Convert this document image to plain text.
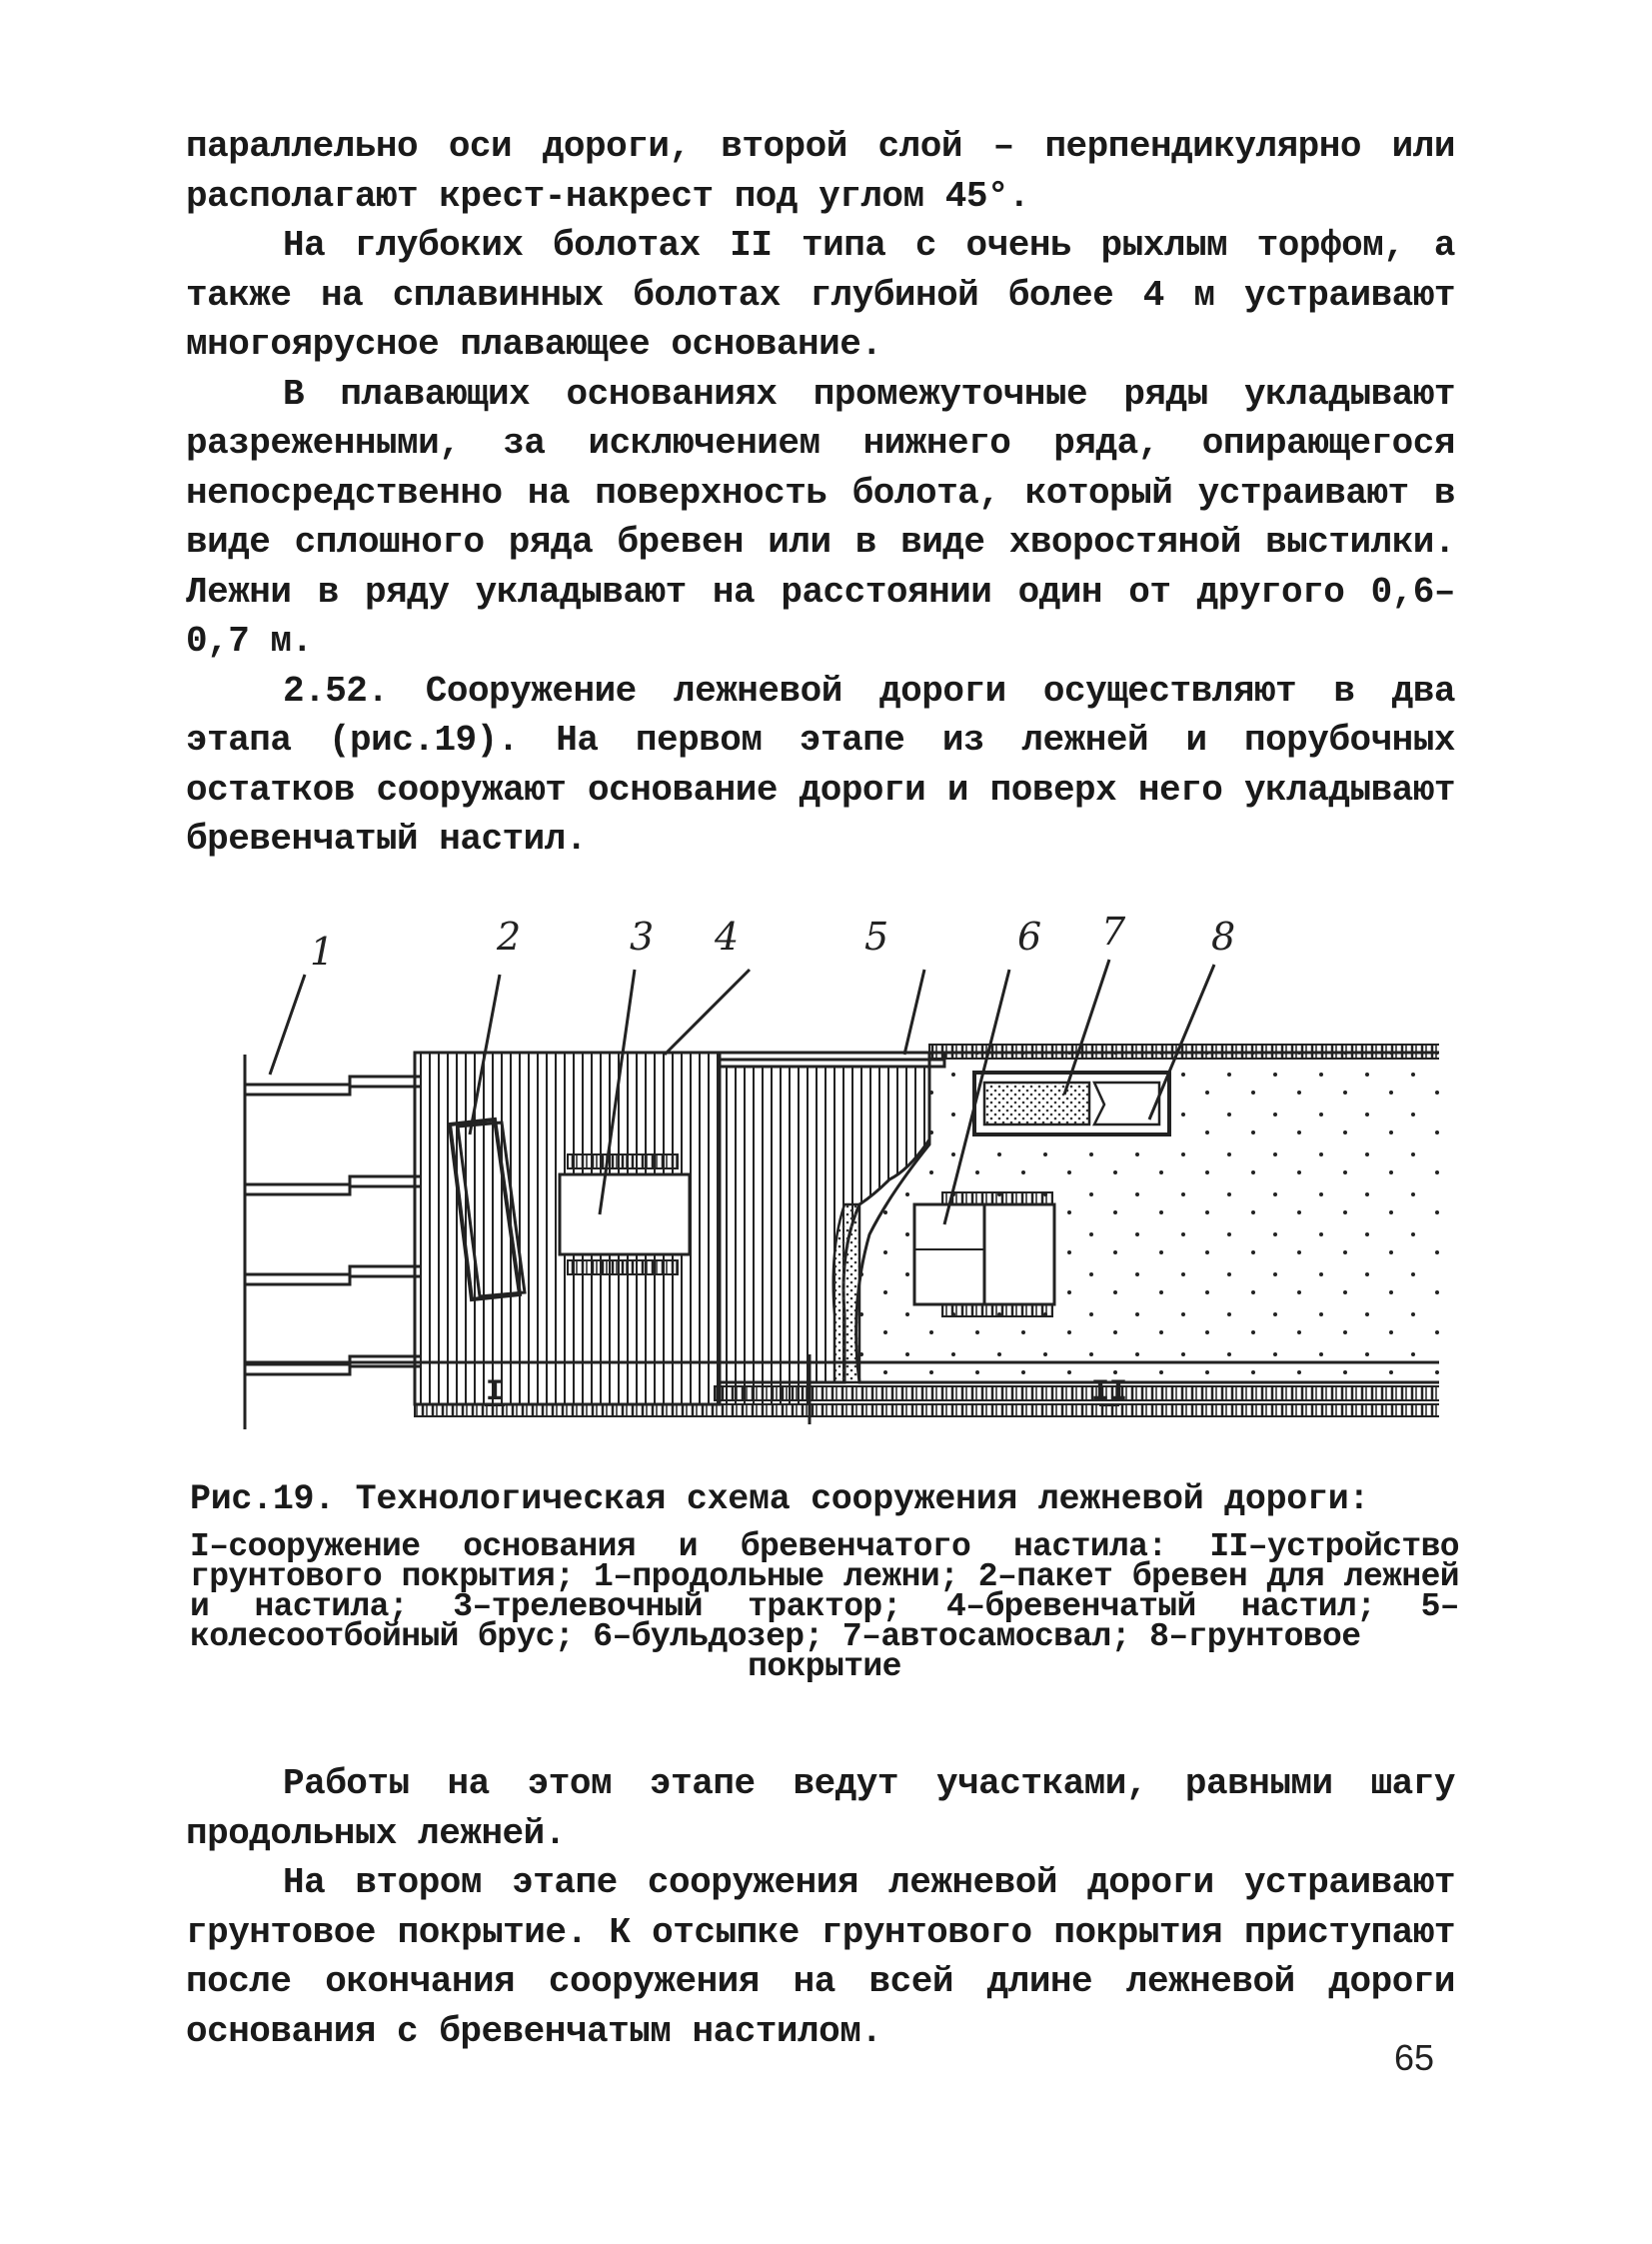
параллельно оси дороги, второй слой – перпендикулярно или располагают крест-накрест под углом 45°.

На глубоких болотах II типа с очень рыхлым торфом, а также на сплавинных болотах глубиной более 4 м устраивают многоярусное плавающее основание.

В плавающих основаниях промежуточные ряды укладывают разреженными, за исключением нижнего ряда, опирающегося непосредственно на поверхность болота, который устраивают в виде сплошного ряда бревен или в виде хворостяной выстилки. Лежни в ряду укладывают на расстоянии один от другого 0,6–0,7 м.

2.52. Сооружение лежневой дороги осуществляют в два этапа (рис.19). На первом этапе из лежней и порубочных остатков сооружают основание дороги и поверх него укладывают бревенчатый настил.

1	2	3 4	5	6 7 8
I	II

Рис.19. Технологическая схема сооружения лежневой дороги:

I–сооружение основания и бревенчатого настила: II–устройство грунтового покрытия; 1–продольные лежни; 2–пакет бревен для лежней и настила; 3–трелевочный трактор; 4–бревенчатый настил; 5–колесоотбойный брус; 6–бульдозер; 7–автосамосвал; 8–грунтовое
покрытие

Работы на этом этапе ведут участками, равными шагу продольных лежней.

На втором этапе сооружения лежневой дороги устраивают грунтовое покрытие. К отсыпке грунтового покрытия приступают после окончания сооружения на всей длине лежневой дороги основания с бревенчатым настилом.

65
